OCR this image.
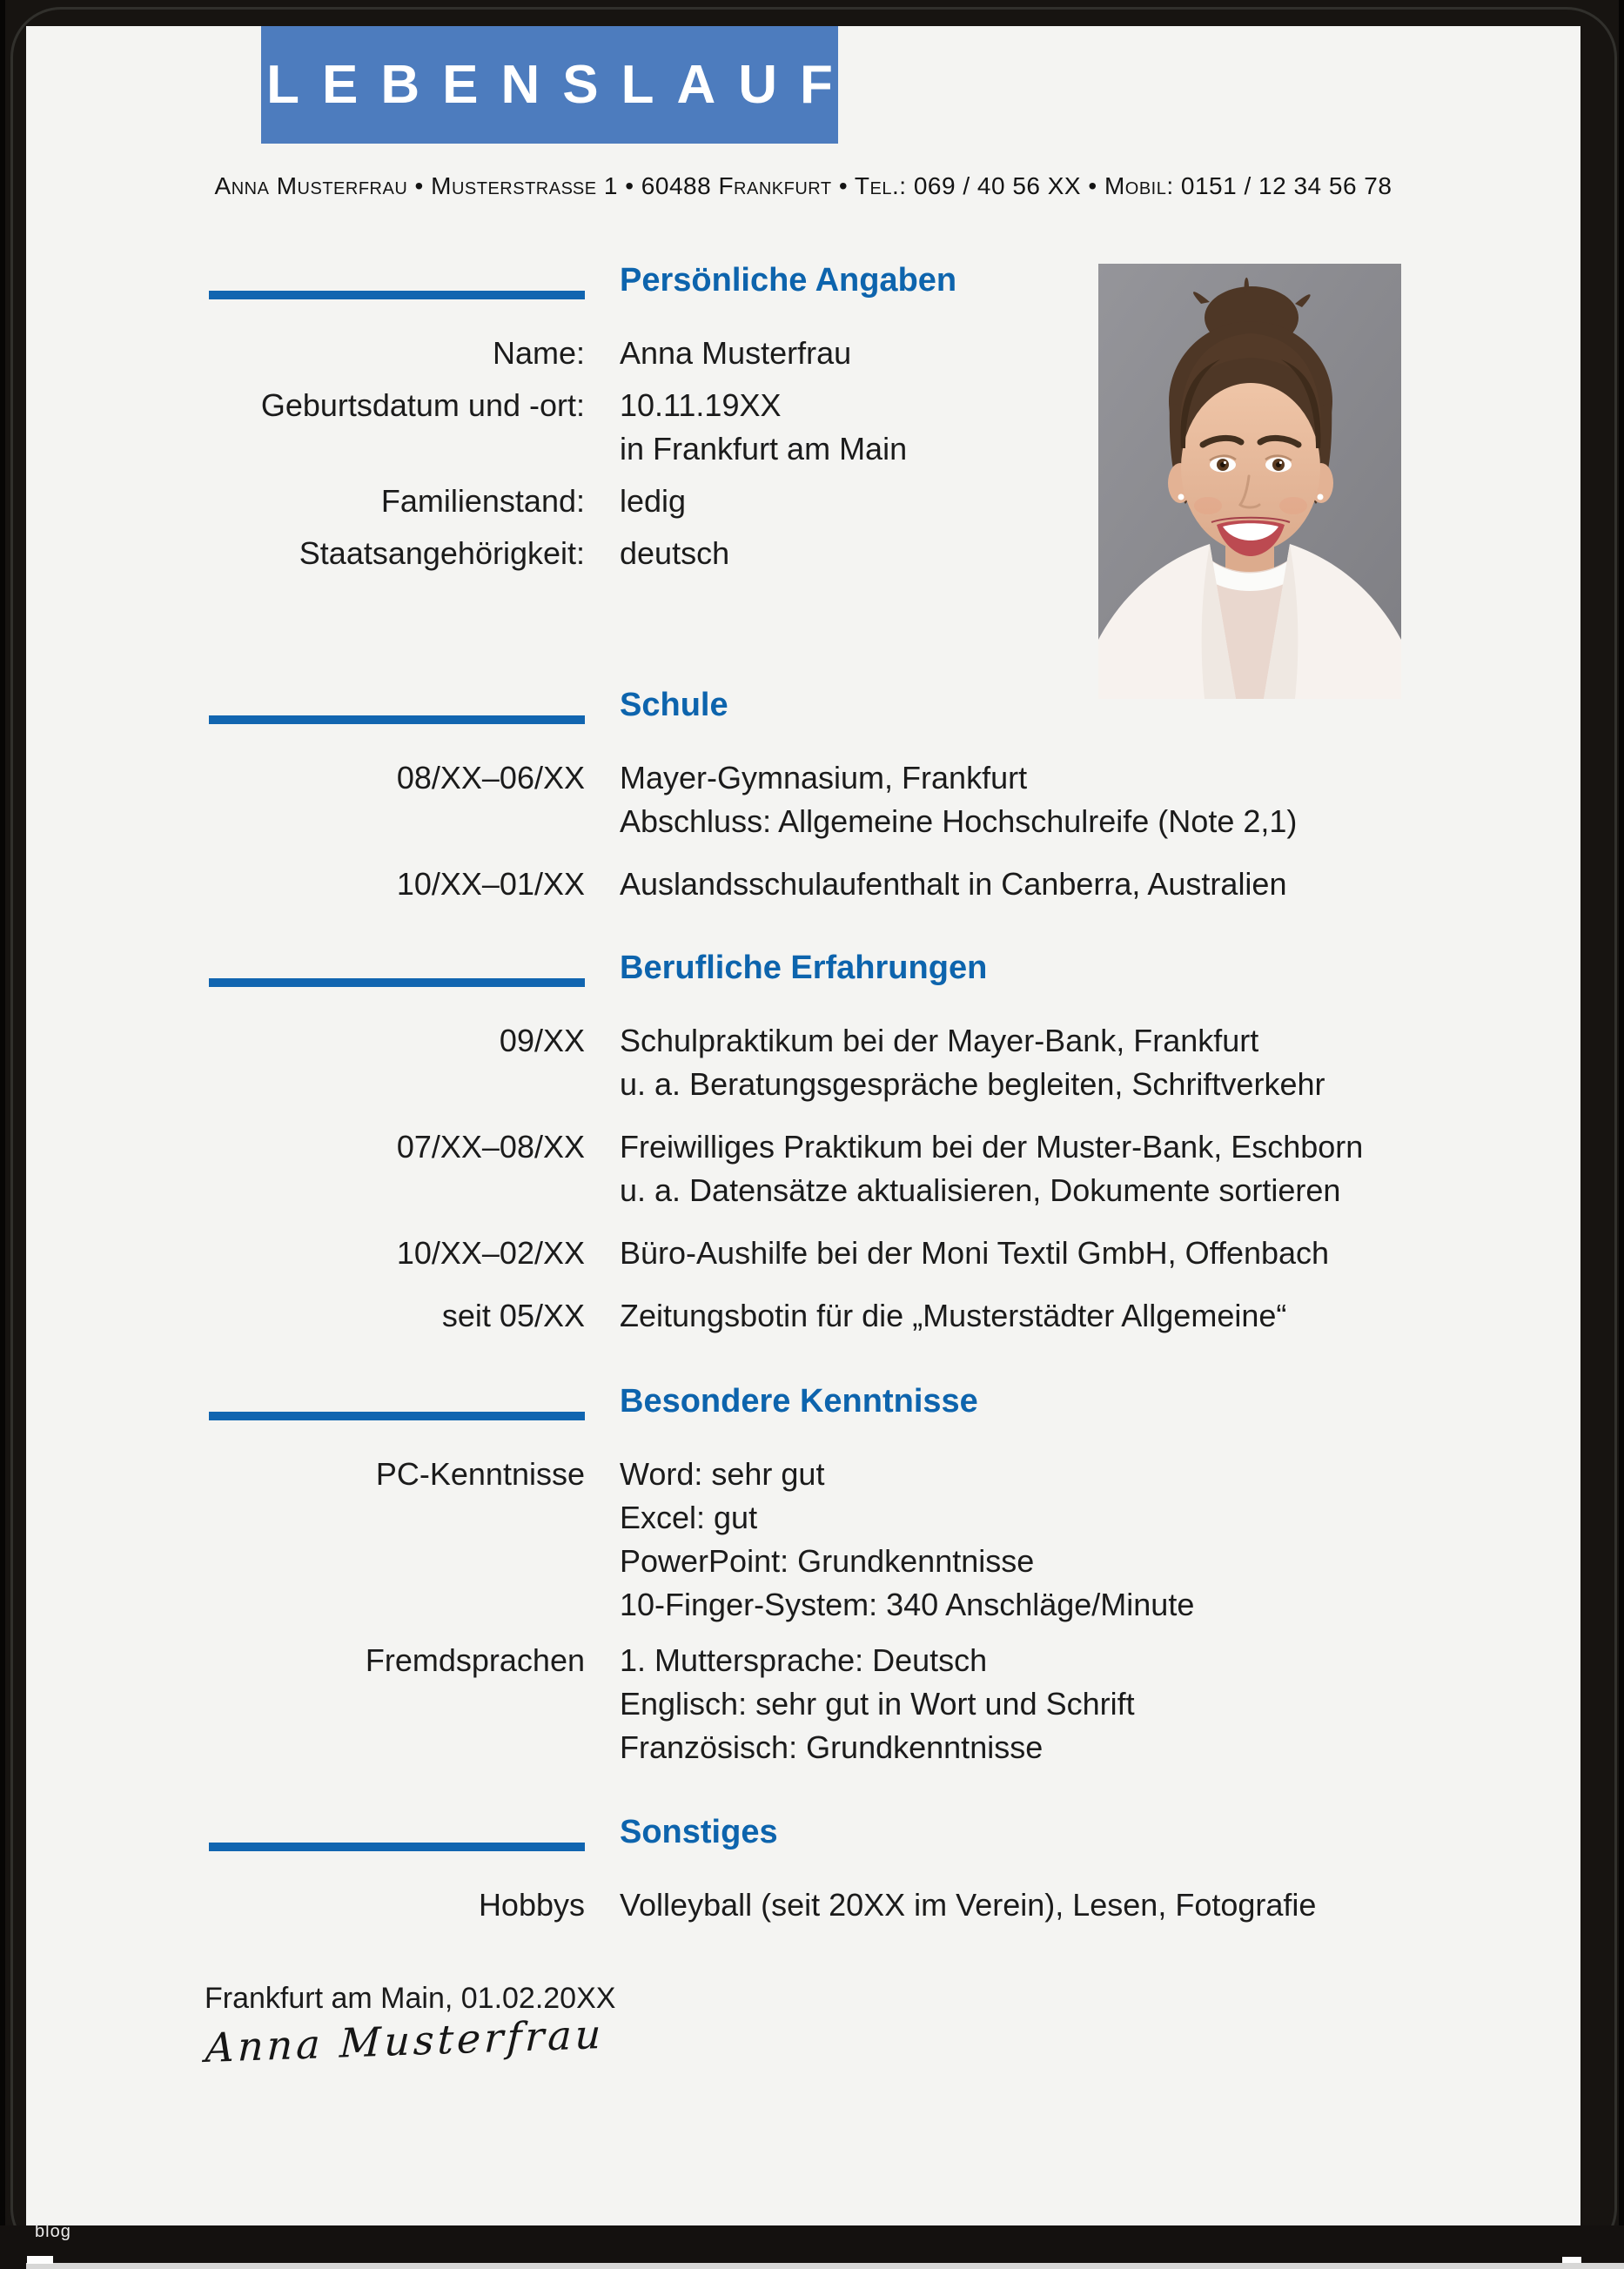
LEBENSLAUF
Anna Musterfrau • Musterstraße 1 • 60488 Frankfurt • Tel.: 069 / 40 56 XX • Mobil: 0151 / 12 34 56 78
Persönliche Angaben
Name: Anna Musterfrau
Geburtsdatum und -ort: 10.11.19XX
in Frankfurt am Main
Familienstand: ledig
Staatsangehörigkeit: deutsch
Schule
08/XX–06/XX Mayer-Gymnasium, Frankfurt
Abschluss: Allgemeine Hochschulreife (Note 2,1)
10/XX–01/XX Auslandsschulaufenthalt in Canberra, Australien
Berufliche Erfahrungen
09/XX Schulpraktikum bei der Mayer-Bank, Frankfurt
u. a. Beratungsgespräche begleiten, Schriftverkehr
07/XX–08/XX Freiwilliges Praktikum bei der Muster-Bank, Eschborn
u. a. Datensätze aktualisieren, Dokumente sortieren
10/XX–02/XX Büro-Aushilfe bei der Moni Textil GmbH, Offenbach
seit 05/XX Zeitungsbotin für die „Musterstädter Allgemeine“
Besondere Kenntnisse
PC-Kenntnisse Word: sehr gut
Excel: gut
PowerPoint: Grundkenntnisse
10-Finger-System: 340 Anschläge/Minute
Fremdsprachen 1. Muttersprache: Deutsch
Englisch: sehr gut in Wort und Schrift
Französisch: Grundkenntnisse
Sonstiges
Hobbys Volleyball (seit 20XX im Verein), Lesen, Fotografie
Frankfurt am Main, 01.02.20XX
Anna Musterfrau
blog
